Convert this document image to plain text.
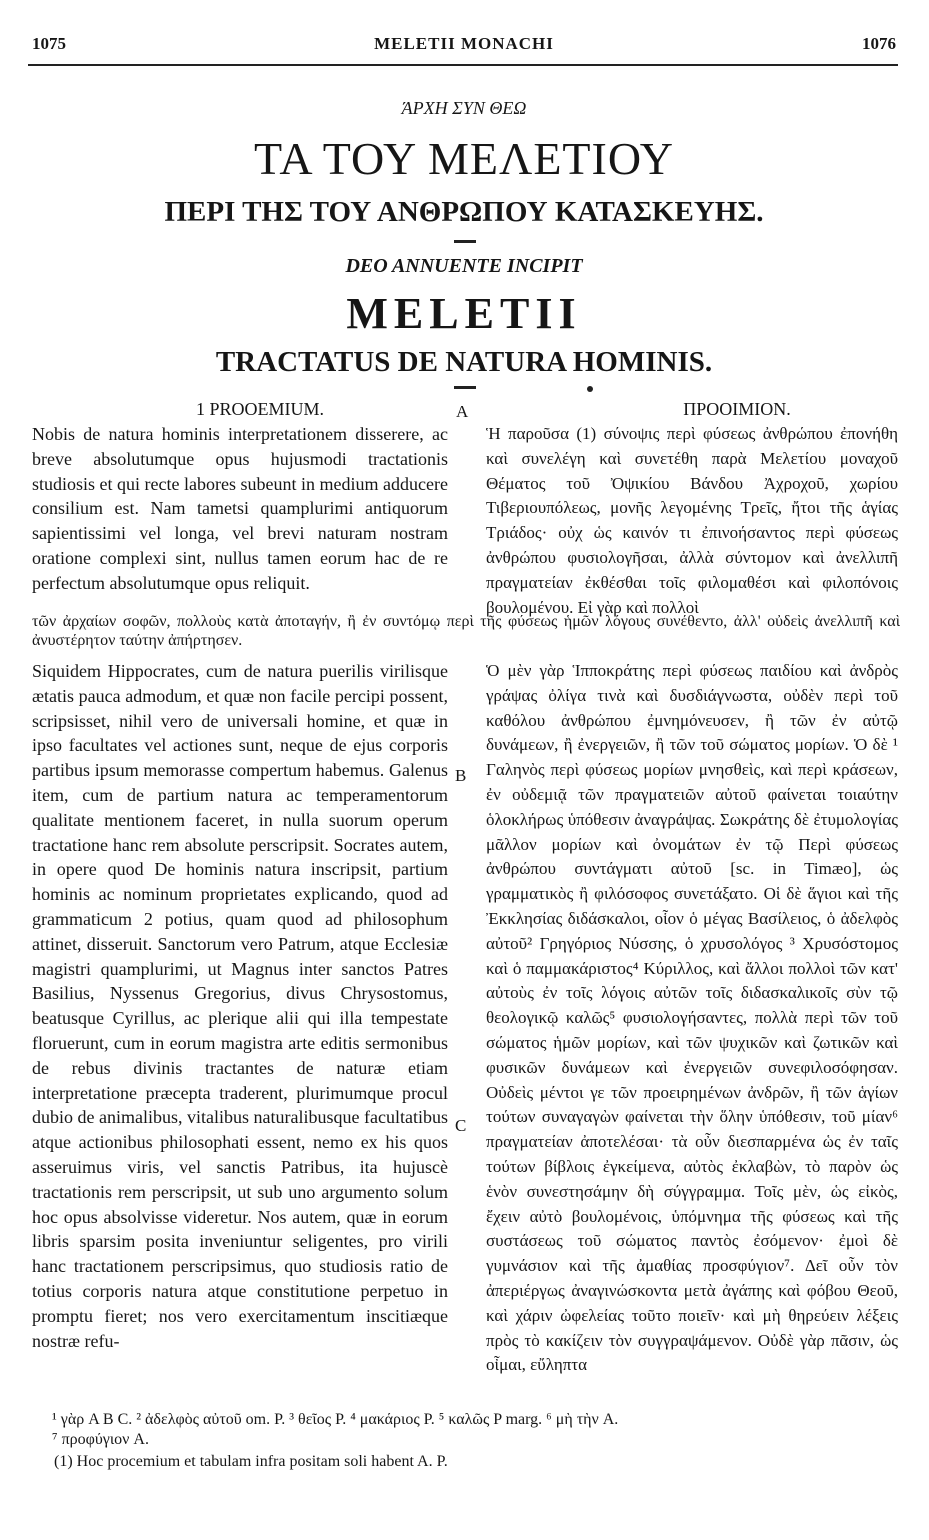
1075	MELETII MONACHI	1076
ΆΡΧΗ ΣΥΝ ΘΕΩ
ΤΑ ΤΟΥ ΜΕΛΕΤΙΟΥ
ΠΕΡΙ ΤΗΣ ΤΟΥ ΑΝΘΡΩΠΟΥ ΚΑΤΑΣΚΕΥΗΣ.
DEO ANNUENTE INCIPIT
MELETII
TRACTATUS DE NATURA HOMINIS.
A
B
C
1 PROOEMIUM.

Nobis de natura hominis interpretationem disserere, ac breve absolutumque opus hujusmodi tractationis studiosis et qui recte labores subeunt in medium adducere consilium est. Nam tametsi quamplurimi antiquorum sapientissimi vel longa, vel brevi naturam nostram oratione complexi sint, nullus tamen eorum hac de re perfectum absolutumque opus reliquit.

ΠΡΟΟΙΜΙΟΝ.

Ἡ παροῦσα (1) σύνοψις περὶ φύσεως ἀνθρώπου ἐπονήθη καὶ συνελέγη καὶ συνετέθη παρὰ Μελετίου μοναχοῦ Θέματος τοῦ Ὀψικίου Βάνδου Ἀχροχοῦ, χωρίου Τιβεριουπόλεως, μονῆς λεγομένης Τρεῖς, ἤτοι τῆς ἁγίας Τριάδος· οὐχ ὡς καινόν τι ἐπινοήσαντος περὶ φύσεως ἀνθρώπου φυσιολογῆσαι, ἀλλὰ σύντομον καὶ ἀνελλιπῆ πραγματείαν ἐκθέσθαι τοῖς φιλομαθέσι καὶ φιλοπόνοις βουλομένου. Εἰ γὰρ καὶ πολλοὶ

τῶν ἀρχαίων σοφῶν, πολλοὺς κατὰ ἀποταγήν, ἢ ἐν συντόμῳ περὶ τῆς φύσεως ἡμῶν λόγους συνέθεντο, ἀλλ' οὐδεὶς ἀνελλιπῆ καὶ ἀνυστέρητον ταύτην ἀπήρτησεν.

Siquidem Hippocrates, cum de natura puerilis virilisque ætatis pauca admodum, et quæ non facile percipi possent, scripsisset, nihil vero de universali homine, et quæ in ipso facultates vel actiones sunt, neque de ejus corporis partibus ipsum memorasse compertum habemus. Galenus item, cum de partium natura ac temperamentorum qualitate mentionem faceret, in nulla suorum operum tractatione hanc rem absolute perscripsit. Socrates autem, in opere quod De hominis natura inscripsit, partium hominis ac nominum proprietates explicando, quod ad grammaticum 2 potius, quam quod ad philosophum attinet, disseruit. Sanctorum vero Patrum, atque Ecclesiæ magistri quamplurimi, ut Magnus inter sanctos Patres Basilius, Nyssenus Gregorius, divus Chrysostomus, beatusque Cyrillus, ac plerique alii qui illa tempestate floruerunt, cum in eorum magistra arte editis sermonibus de rebus divinis tractantes de naturæ etiam interpretatione præcepta traderent, plurimumque procul dubio de animalibus, vitalibus naturalibusque facultatibus atque actionibus philosophati essent, nemo ex his quos asseruimus viris, vel sanctis Patribus, ita hujuscè tractationis rem perscripsit, ut sub uno argumento solum hoc opus absolvisse videretur. Nos autem, quæ in eorum libris sparsim posita inveniuntur seligentes, pro virili hanc tractationem perscripsimus, quo studiosis ratio de totius corporis natura atque constitutione perpetuo in promptu fieret; nos vero exercitamentum inscitiæque nostræ refu-

Ὁ μὲν γὰρ Ἱπποκράτης περὶ φύσεως παιδίου καὶ ἀνδρὸς γράψας ὀλίγα τινὰ καὶ δυσδιάγνωστα, οὐδὲν περὶ τοῦ καθόλου ἀνθρώπου ἐμνημόνευσεν, ἢ τῶν ἐν αὐτῷ δυνάμεων, ἢ ἐνεργειῶν, ἢ τῶν τοῦ σώματος μορίων. Ὁ δὲ ¹ Γαληνὸς περὶ φύσεως μορίων μνησθεὶς, καὶ περὶ κράσεων, ἐν οὐδεμιᾷ τῶν πραγματειῶν αὐτοῦ φαίνεται τοιαύτην ὁλοκλήρως ὑπόθεσιν ἀναγράψας. Σωκράτης δὲ ἐτυμολογίας μᾶλλον μορίων καὶ ὀνομάτων ἐν τῷ Περὶ φύσεως ἀνθρώπου συντάγματι αὐτοῦ [sc. in Timæo], ὡς γραμματικὸς ἢ φιλόσοφος συνετάξατο. Οἱ δὲ ἅγιοι καὶ τῆς Ἐκκλησίας διδάσκαλοι, οἷον ὁ μέγας Βασίλειος, ὁ ἀδελφὸς αὐτοῦ² Γρηγόριος Νύσσης, ὁ χρυσολόγος ³ Χρυσόστομος καὶ ὁ παμμακάριστος⁴ Κύριλλος, καὶ ἄλλοι πολλοὶ τῶν κατ' αὐτοὺς ἐν τοῖς λόγοις αὐτῶν τοῖς διδασκαλικοῖς σὺν τῷ θεολογικῷ καλῶς⁵ φυσιολογήσαντες, πολλὰ περὶ τῶν τοῦ σώματος ἡμῶν μορίων, καὶ τῶν ψυχικῶν καὶ ζωτικῶν καὶ φυσικῶν δυνάμεων καὶ ἐνεργειῶν συνεφιλοσόφησαν. Οὐδεὶς μέντοι γε τῶν προειρημένων ἀνδρῶν, ἢ τῶν ἁγίων τούτων συναγαγὼν φαίνεται τὴν ὅλην ὑπόθεσιν, τοῦ μίαν⁶ πραγματείαν ἀποτελέσαι· τὰ οὖν διεσπαρμένα ὡς ἐν ταῖς τούτων βίβλοις ἐγκείμενα, αὐτὸς ἐκλαβὼν, τὸ παρὸν ὡς ἑνὸν συνεστησάμην δὴ σύγγραμμα. Τοῖς μὲν, ὡς εἰκὸς, ἔχειν αὐτὸ βουλομένοις, ὑπόμνημα τῆς φύσεως καὶ τῆς συστάσεως τοῦ σώματος παντὸς ἐσόμενον· ἐμοὶ δὲ γυμνάσιον καὶ τῆς ἀμαθίας προσφύγιον⁷. Δεῖ οὖν τὸν ἀπεριέργως ἀναγινώσκοντα μετὰ ἀγάπης καὶ φόβου Θεοῦ, καὶ χάριν ὠφελείας τοῦτο ποιεῖν· καὶ μὴ θηρεύειν λέξεις πρὸς τὸ κακίζειν τὸν συγγραψάμενον. Οὐδὲ γὰρ πᾶσιν, ὡς οἶμαι, εὔληπτα

¹ γὰρ A B C. ² ἀδελφὸς αὐτοῦ om. P. ³ θεῖος P. ⁴ μακάριος P. ⁵ καλῶς P marg. ⁶ μὴ τὴν A.
⁷ προφύγιον A.
(1) Hoc procemium et tabulam infra positam soli habent A. P.
